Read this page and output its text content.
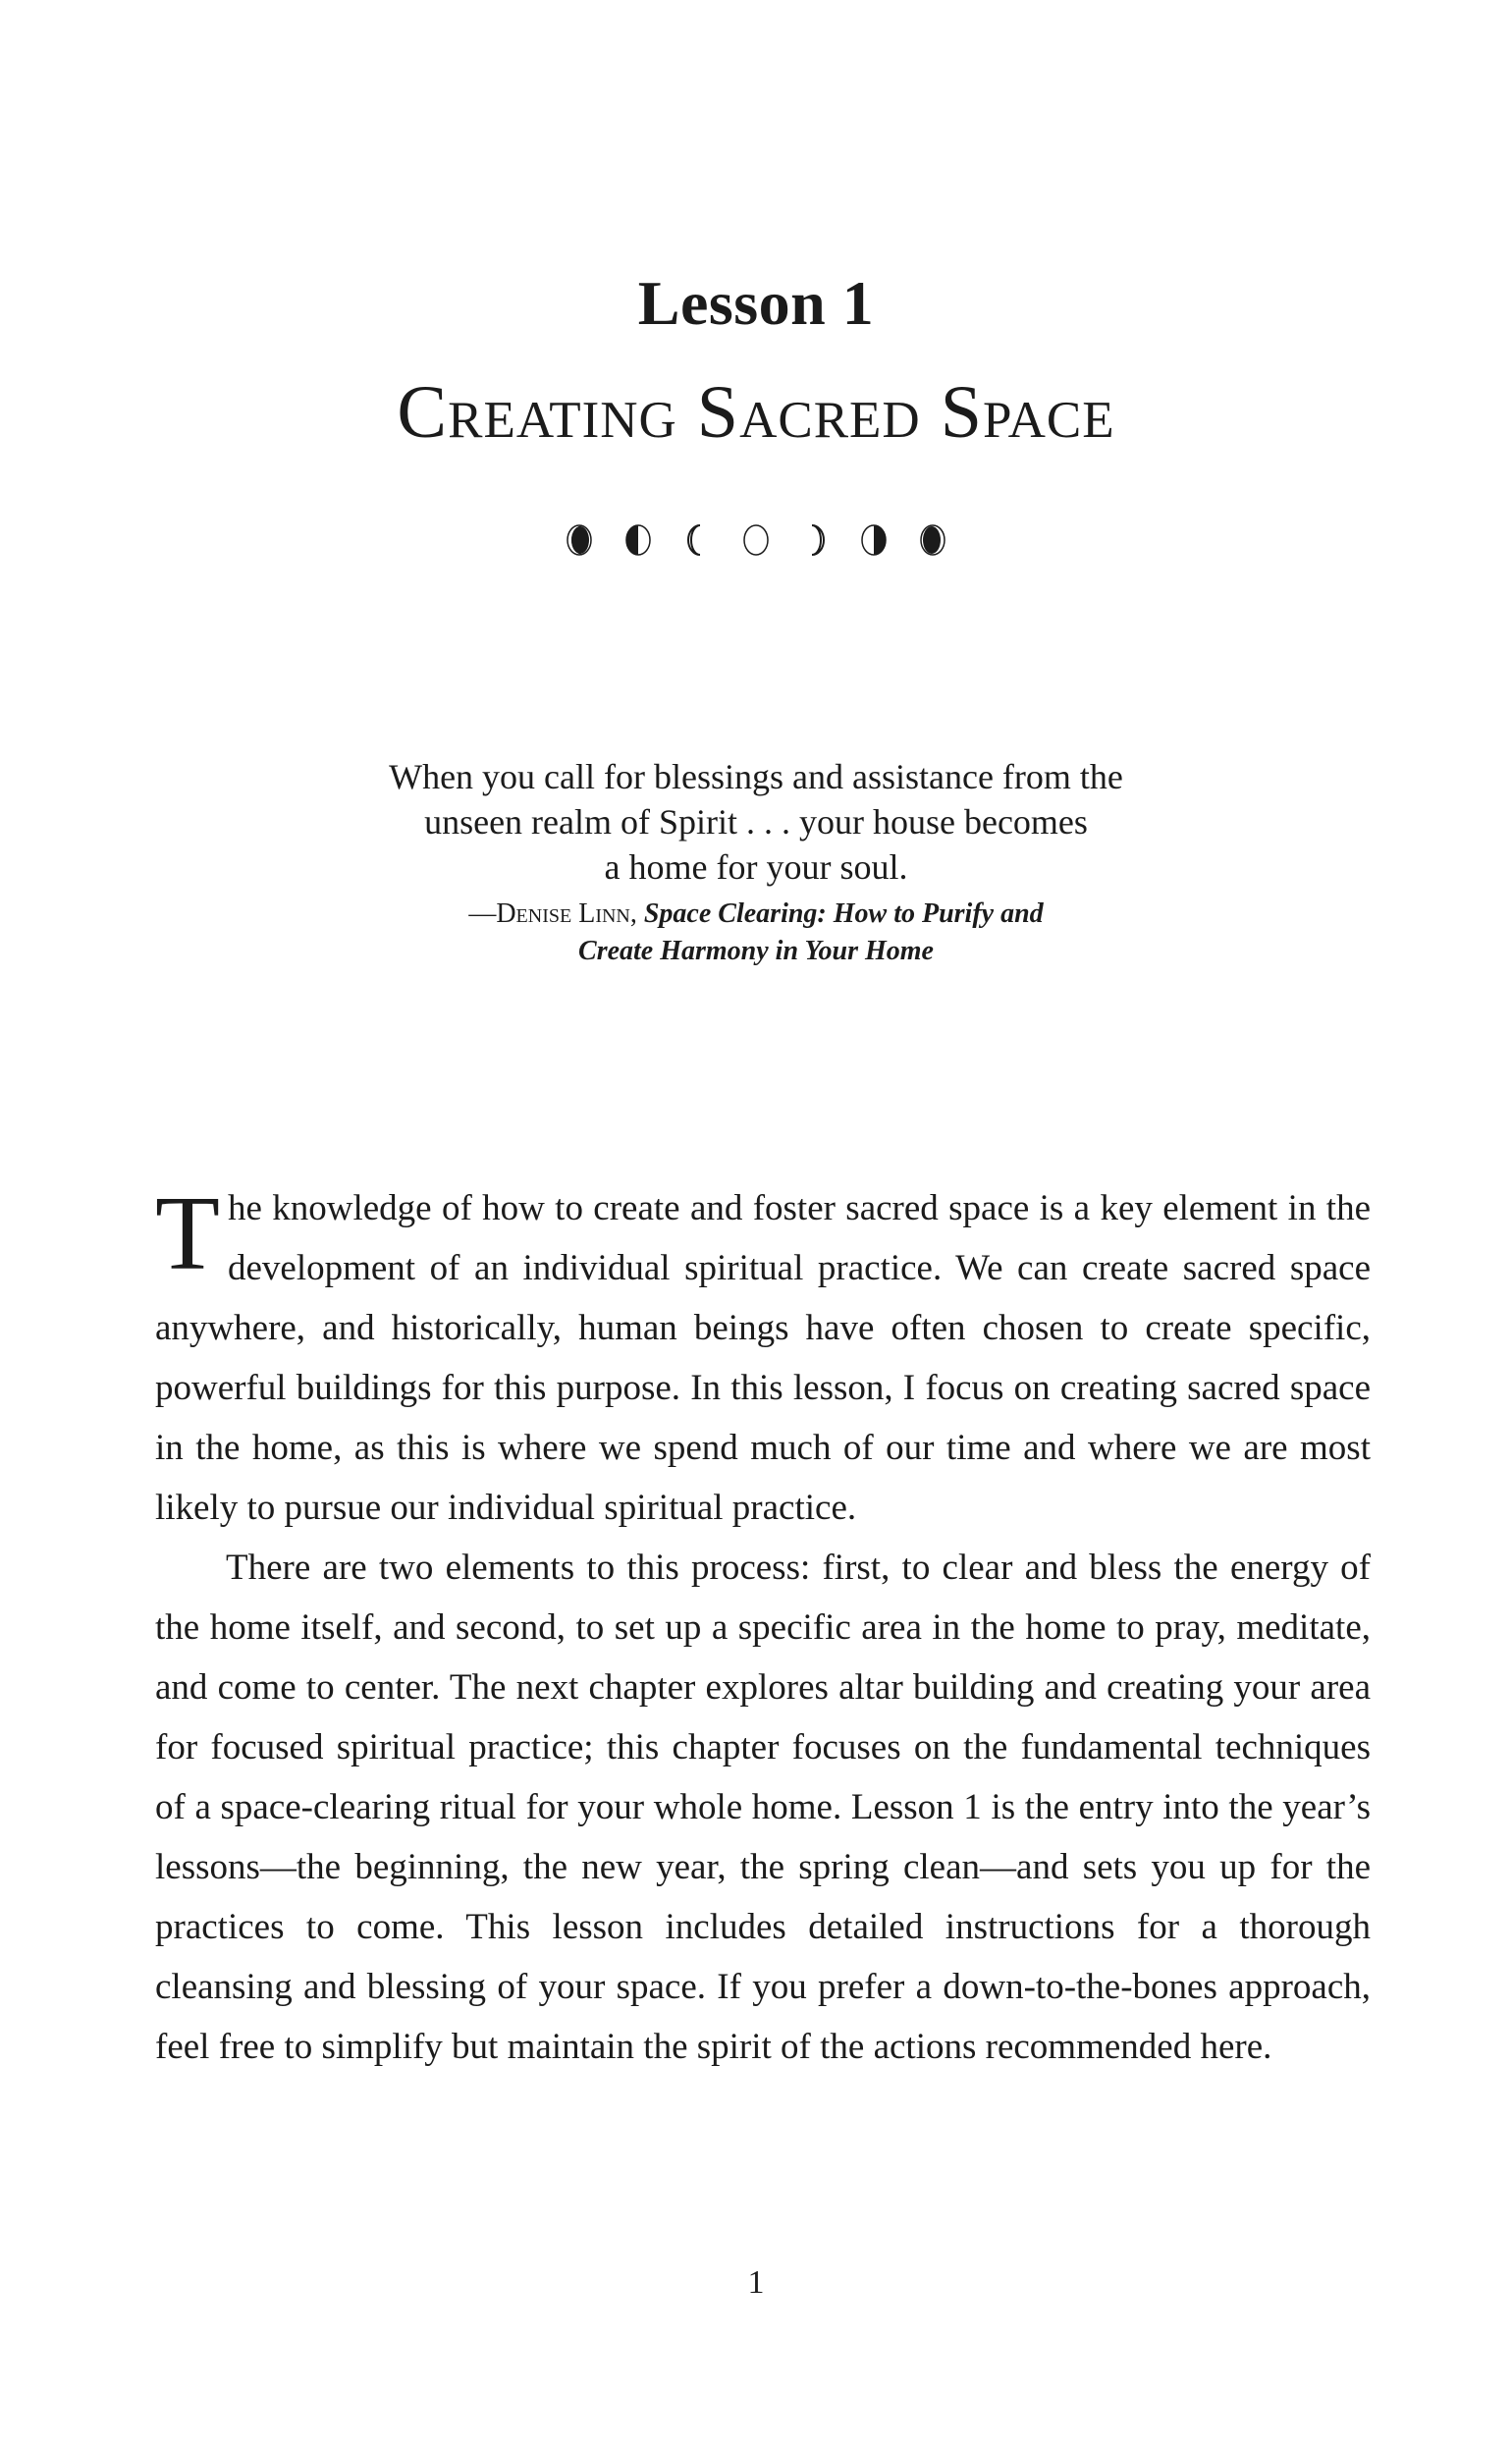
Lesson 1
Creating Sacred Space
When you call for blessings and assistance from the
unseen realm of Spirit . . . your house becomes
a home for your soul.
—Denise Linn, Space Clearing: How to Purify and
Create Harmony in Your Home

The knowledge of how to create and foster sacred space is a key element in the development of an individual spiritual practice. We can create sacred space anywhere, and historically, human beings have often chosen to create specific, powerful buildings for this purpose. In this lesson, I focus on creating sacred space in the home, as this is where we spend much of our time and where we are most likely to pursue our individual spiritual practice.

There are two elements to this process: first, to clear and bless the energy of the home itself, and second, to set up a specific area in the home to pray, meditate, and come to center. The next chapter explores altar building and creating your area for focused spiritual practice; this chapter focuses on the fundamental techniques of a space-clearing ritual for your whole home. Lesson 1 is the entry into the year’s lessons—the beginning, the new year, the spring clean—and sets you up for the practices to come. This lesson includes detailed instructions for a thorough cleansing and blessing of your space. If you prefer a down-to-the-bones approach, feel free to simplify but maintain the spirit of the actions recommended here.

1
